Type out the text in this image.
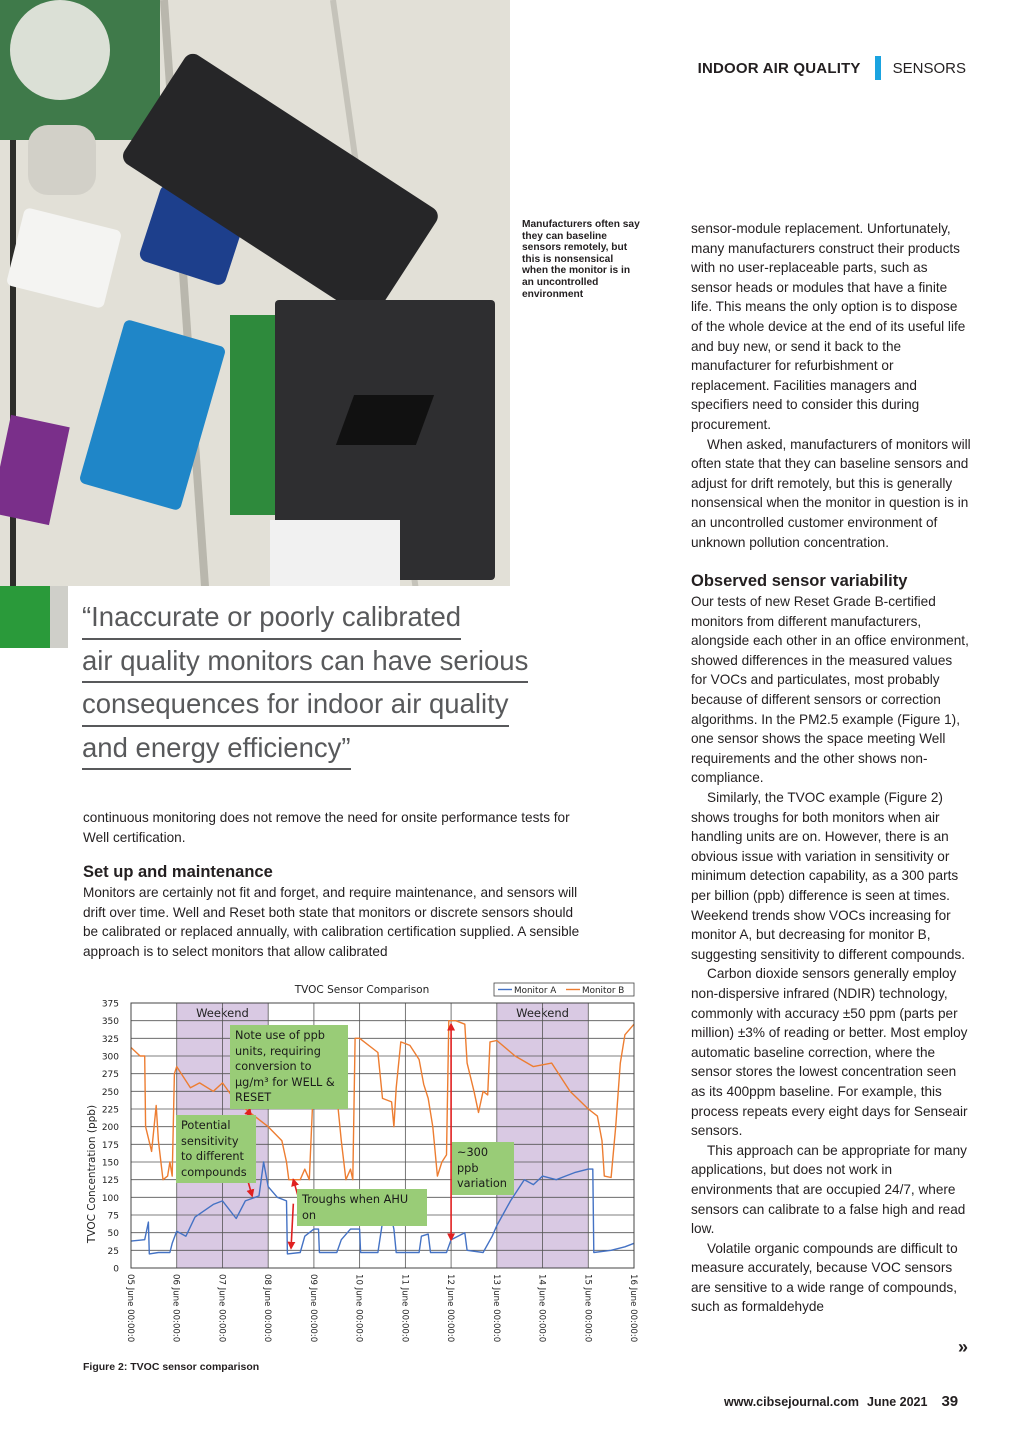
INDOOR AIR QUALITY SENSORS
Manufacturers often say they can baseline sensors remotely, but this is nonsensical when the monitor is in an uncontrolled environment

sensor-module replacement. Unfortunately, many manufacturers construct their products with no user-replaceable parts, such as sensor heads or modules that have a finite life. This means the only option is to dispose of the whole device at the end of its useful life and buy new, or send it back to the manufacturer for refurbishment or replacement. Facilities managers and specifiers need to consider this during procurement.

When asked, manufacturers of monitors will often state that they can baseline sensors and adjust for drift remotely, but this is generally nonsensical when the monitor in question is in an uncontrolled customer environment of unknown pollution concentration.

Observed sensor variability

Our tests of new Reset Grade B-certified monitors from different manufacturers, alongside each other in an office environment, showed differences in the measured values for VOCs and particulates, most probably because of different sensors or correction algorithms. In the PM2.5 example (Figure 1), one sensor shows the space meeting Well requirements and the other shows non-compliance.

Similarly, the TVOC example (Figure 2) shows troughs for both monitors when air handling units are on. However, there is an obvious issue with variation in sensitivity or minimum detection capability, as a 300 parts per billion (ppb) difference is seen at times. Weekend trends show VOCs increasing for monitor A, but decreasing for monitor B, suggesting sensitivity to different compounds.

Carbon dioxide sensors generally employ non-dispersive infrared (NDIR) technology, commonly with accuracy ±50 ppm (parts per million) ±3% of reading or better. Most employ automatic baseline correction, where the sensor stores the lowest concentration seen as its 400ppm baseline. For example, this process repeats every eight days for Senseair sensors.

This approach can be appropriate for many applications, but does not work in environments that are occupied 24/7, where sensors can calibrate to a false high and read low.

Volatile organic compounds are difficult to measure accurately, because VOC sensors are sensitive to a wide range of compounds, such as formaldehyde

»
“Inaccurate or poorly calibrated
air quality monitors can have serious
consequences for indoor air quality
and energy efficiency”

continuous monitoring does not remove the need for onsite performance tests for Well certification.

Set up and maintenance

Monitors are certainly not fit and forget, and require maintenance, and sensors will drift over time. Well and Reset both state that monitors or discrete sensors should be calibrated or replaced annually, with calibration certification supplied. A sensible approach is to select monitors that allow calibrated

TVOC Sensor Comparison	Monitor A	Monitor B
Weekend	Weekend
0
25
50
75
100
125
150
175
200
225
250
275
300
325
350
375
05 June 00:00:0	06 June 00:00:0	07 June 00:00:0	08 June 00:00:0	09 June 00:00:0	10 June 00:00:0	11 June 00:00:0	12 June 00:00:0	13 June 00:00:0	14 June 00:00:0	15 June 00:00:0	16 June 00:00:0
TVOC Concentration (ppb)
Note use of ppb units, requiring conversion to µg/m³ for WELL & RESET
Potential sensitivity to different compounds
Troughs when AHU on
~300 ppb variation
Figure 2: TVOC sensor comparison
www.cibsejournal.com June 2021 39
